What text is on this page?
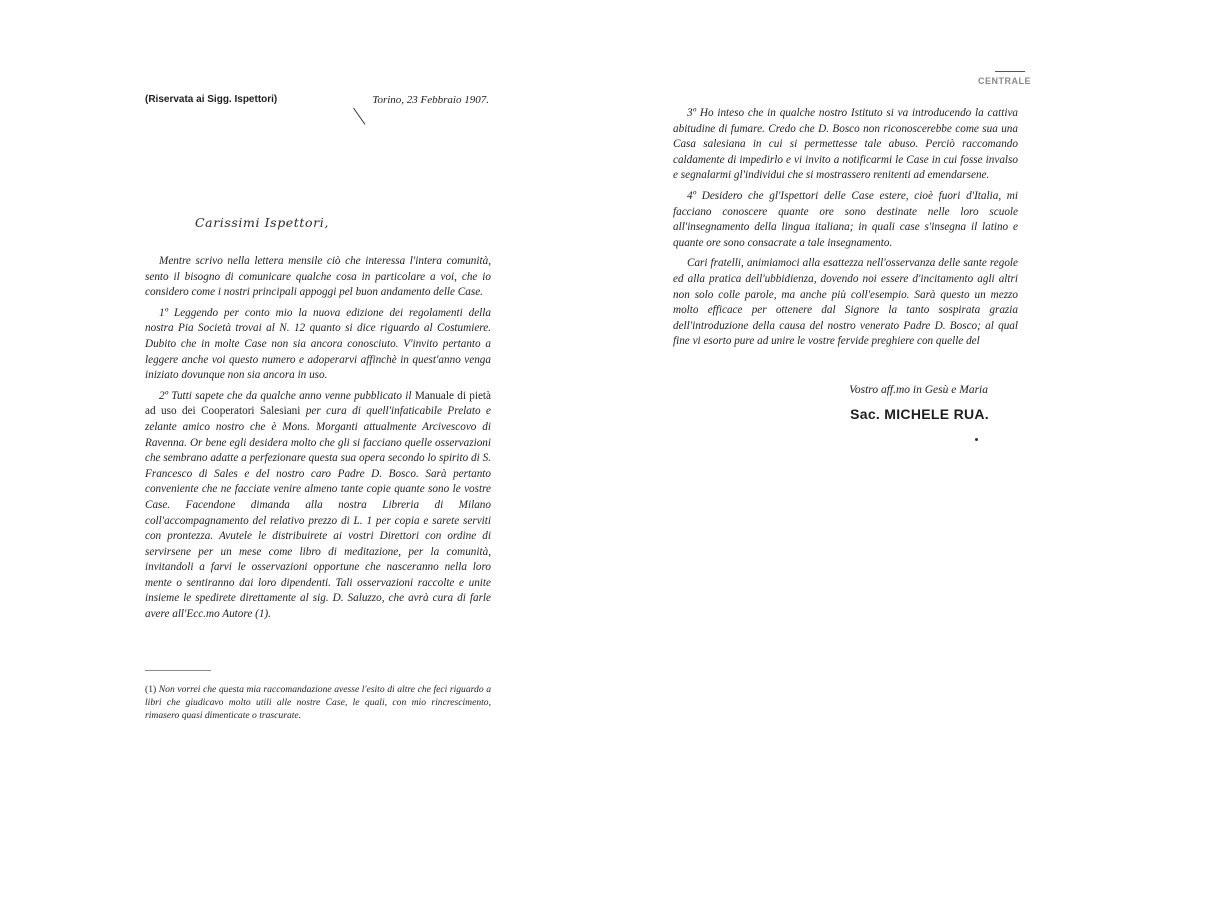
(Riservata ai Sigg. Ispettori)	Torino, 23 Febbraio 1907.
Carissimi Ispettori,

Mentre scrivo nella lettera mensile ciò che interessa l'intera comunità, sento il bisogno di comunicare qualche cosa in particolare a voi, che io considero come i nostri principali appoggi pel buon andamento delle Case.

1º Leggendo per conto mio la nuova edizione dei regolamenti della nostra Pia Società trovai al N. 12 quanto si dice riguardo al Costumiere. Dubito che in molte Case non sia ancora conosciuto. V'invito pertanto a leggere anche voi questo numero e adoperarvi affinchè in quest'anno venga iniziato dovunque non sia ancora in uso.

2º Tutti sapete che da qualche anno venne pubblicato il Manuale di pietà ad uso dei Cooperatori Salesiani per cura di quell'infaticabile Prelato e zelante amico nostro che è Mons. Morganti attualmente Arcivescovo di Ravenna. Or bene egli desidera molto che gli si facciano quelle osservazioni che sembrano adatte a perfezionare questa sua opera secondo lo spirito di S. Francesco di Sales e del nostro caro Padre D. Bosco. Sarà pertanto conveniente che ne facciate venire almeno tante copie quante sono le vostre Case. Facendone dimanda alla nostra Libreria di Milano coll'accompagnamento del relativo prezzo di L. 1 per copia e sarete serviti con prontezza. Avutele le distribuirete ai vostri Direttori con ordine di servirsene per un mese come libro di meditazione, per la comunità, invitandoli a farvi le osservazioni opportune che nasceranno nella loro mente o sentiranno dai loro dipendenti. Tali osservazioni raccolte e unite insieme le spedirete direttamente al sig. D. Saluzzo, che avrà cura di farle avere all'Ecc.mo Autore (1).

(1) Non vorrei che questa mia raccomandazione avesse l'esito di altre che feci riguardo a libri che giudicavo molto utili alle nostre Case, le quali, con mio rincrescimento, rimasero quasi dimenticate o trascurate.
CENTRALE

3º Ho inteso che in qualche nostro Istituto si va introducendo la cattiva abitudine di fumare. Credo che D. Bosco non riconoscerebbe come sua una Casa salesiana in cui si permettesse tale abuso. Perciò raccomando caldamente di impedirlo e vi invito a notificarmi le Case in cui fosse invalso e segnalarmi gl'individui che si mostrassero renitenti ad emendarsene.

4º Desidero che gl'Ispettori delle Case estere, cioè fuori d'Italia, mi facciano conoscere quante ore sono destinate nelle loro scuole all'insegnamento della lingua italiana; in quali case s'insegna il latino e quante ore sono consacrate a tale insegnamento.

Cari fratelli, animiamoci alla esattezza nell'osservanza delle sante regole ed alla pratica dell'ubbidienza, dovendo noi essere d'incitamento agli altri non solo colle parole, ma anche più coll'esempio. Sarà questo un mezzo molto efficace per ottenere dal Signore la tanto sospirata grazia dell'introduzione della causa del nostro venerato Padre D. Bosco; al qual fine vi esorto pure ad unire le vostre fervide preghiere con quelle del

Vostro aff.mo in Gesù e Maria
Sac. MICHELE RUA.
